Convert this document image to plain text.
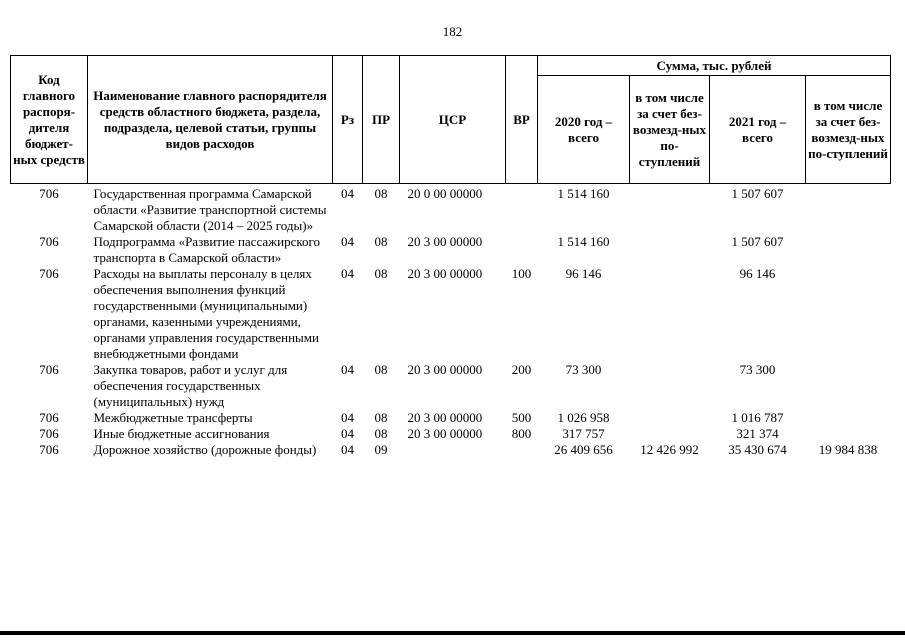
182
Код главного распоря-дителя бюджет-ных средств	Наименование главного распорядителя средств областного бюджета, раздела, подраздела, целевой статьи, группы видов расходов	Рз	ПР	ЦСР	ВР	Сумма, тыс. рублей			
						2020 год – всего	в том числе за счет без-возмезд-ных по-ступлений	2021 год – всего	в том числе за счет без-возмезд-ных по-ступлений
706	Государственная программа Самарской области «Развитие транспортной системы Самарской области (2014 – 2025 годы)»	04	08	20 0 00 00000		1 514 160		1 507 607	
706	Подпрограмма «Развитие пассажирского транспорта в Самарской области»	04	08	20 3 00 00000		1 514 160		1 507 607	
706	Расходы на выплаты персоналу в целях обеспечения выполнения функций государственными (муниципальными) органами, казенными учреждениями, органами управления государственными внебюджетными фондами	04	08	20 3 00 00000	100	96 146		96 146	
706	Закупка товаров, работ и услуг для обеспечения государственных (муниципальных) нужд	04	08	20 3 00 00000	200	73 300		73 300	
706	Межбюджетные трансферты	04	08	20 3 00 00000	500	1 026 958		1 016 787	
706	Иные бюджетные ассигнования	04	08	20 3 00 00000	800	317 757		321 374	
706	Дорожное хозяйство (дорожные фонды)	04	09			26 409 656	12 426 992	35 430 674	19 984 838
